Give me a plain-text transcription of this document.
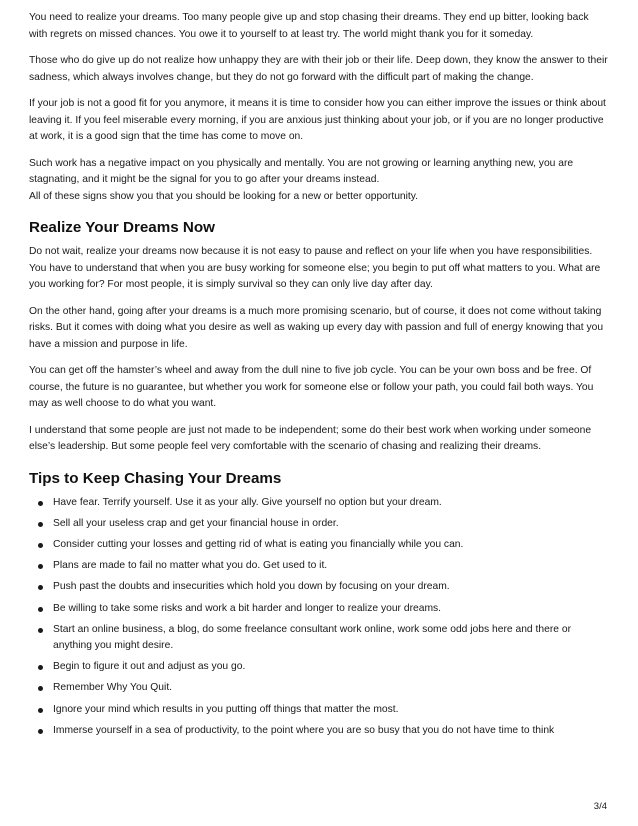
You need to realize your dreams. Too many people give up and stop chasing their dreams. They end up bitter, looking back with regrets on missed chances. You owe it to yourself to at least try. The world might thank you for it someday.

Those who do give up do not realize how unhappy they are with their job or their life. Deep down, they know the answer to their sadness, which always involves change, but they do not go forward with the difficult part of making the change.

If your job is not a good fit for you anymore, it means it is time to consider how you can either improve the issues or think about leaving it. If you feel miserable every morning, if you are anxious just thinking about your job, or if you are no longer productive at work, it is a good sign that the time has come to move on.

Such work has a negative impact on you physically and mentally. You are not growing or learning anything new, you are stagnating, and it might be the signal for you to go after your dreams instead.
All of these signs show you that you should be looking for a new or better opportunity.

Realize Your Dreams Now

Do not wait, realize your dreams now because it is not easy to pause and reflect on your life when you have responsibilities. You have to understand that when you are busy working for someone else; you begin to put off what matters to you. What are you working for? For most people, it is simply survival so they can only live day after day.

On the other hand, going after your dreams is a much more promising scenario, but of course, it does not come without taking risks. But it comes with doing what you desire as well as waking up every day with passion and full of energy knowing that you have a mission and purpose in life.

You can get off the hamster’s wheel and away from the dull nine to five job cycle. You can be your own boss and be free. Of course, the future is no guarantee, but whether you work for someone else or follow your path, you could fail both ways. You may as well choose to do what you want.

I understand that some people are just not made to be independent; some do their best work when working under someone else’s leadership. But some people feel very comfortable with the scenario of chasing and realizing their dreams.

Tips to Keep Chasing Your Dreams
Have fear. Terrify yourself. Use it as your ally. Give yourself no option but your dream.
Sell all your useless crap and get your financial house in order.
Consider cutting your losses and getting rid of what is eating you financially while you can.
Plans are made to fail no matter what you do. Get used to it.
Push past the doubts and insecurities which hold you down by focusing on your dream.
Be willing to take some risks and work a bit harder and longer to realize your dreams.
Start an online business, a blog, do some freelance consultant work online, work some odd jobs here and there or anything you might desire.
Begin to figure it out and adjust as you go.
Remember Why You Quit.
Ignore your mind which results in you putting off things that matter the most.
Immerse yourself in a sea of productivity, to the point where you are so busy that you do not have time to think
3/4
